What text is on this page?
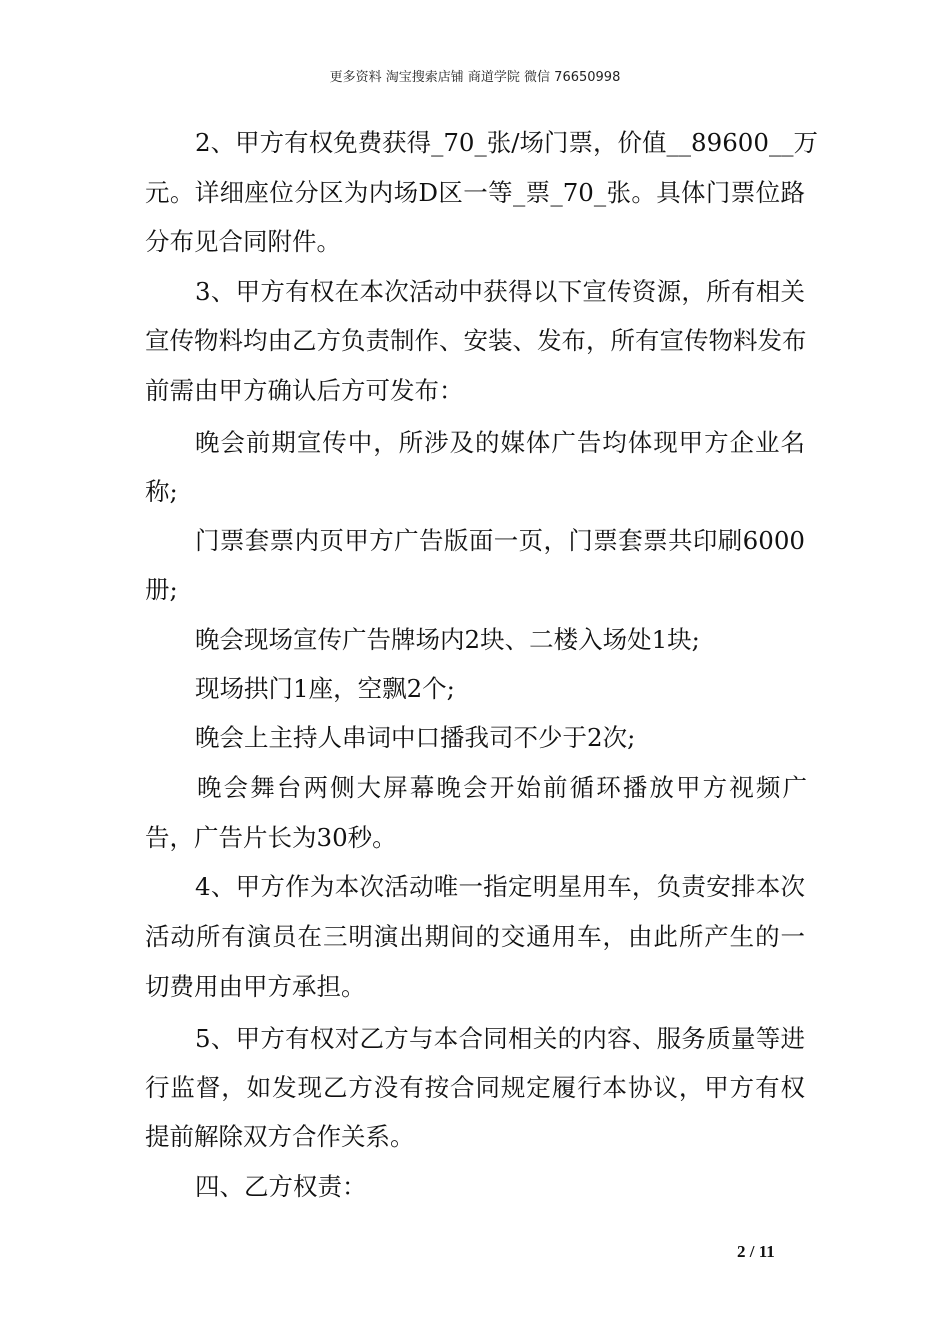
更多资料 淘宝搜索店铺 商道学院 微信 76650998
2、甲方有权免费获得_70_张/场门票，价值__89600__万
元。详细座位分区为内场D区一等_票_70_张。具体门票位路
分布见合同附件。
3、甲方有权在本次活动中获得以下宣传资源，所有相关
宣传物料均由乙方负责制作、安装、发布，所有宣传物料发布
前需由甲方确认后方可发布：
晚会前期宣传中，所涉及的媒体广告均体现甲方企业名
称;
门票套票内页甲方广告版面一页，门票套票共印刷6000
册;
晚会现场宣传广告牌场内2块、二楼入场处1块;
现场拱门1座，空飘2个;
晚会上主持人串词中口播我司不少于2次;
晚会舞台两侧大屏幕晚会开始前循环播放甲方视频广
告，广告片长为30秒。
4、甲方作为本次活动唯一指定明星用车，负责安排本次
活动所有演员在三明演出期间的交通用车，由此所产生的一
切费用由甲方承担。
5、甲方有权对乙方与本合同相关的内容、服务质量等进
行监督，如发现乙方没有按合同规定履行本协议，甲方有权
提前解除双方合作关系。
四、乙方权责：
2 / 11
